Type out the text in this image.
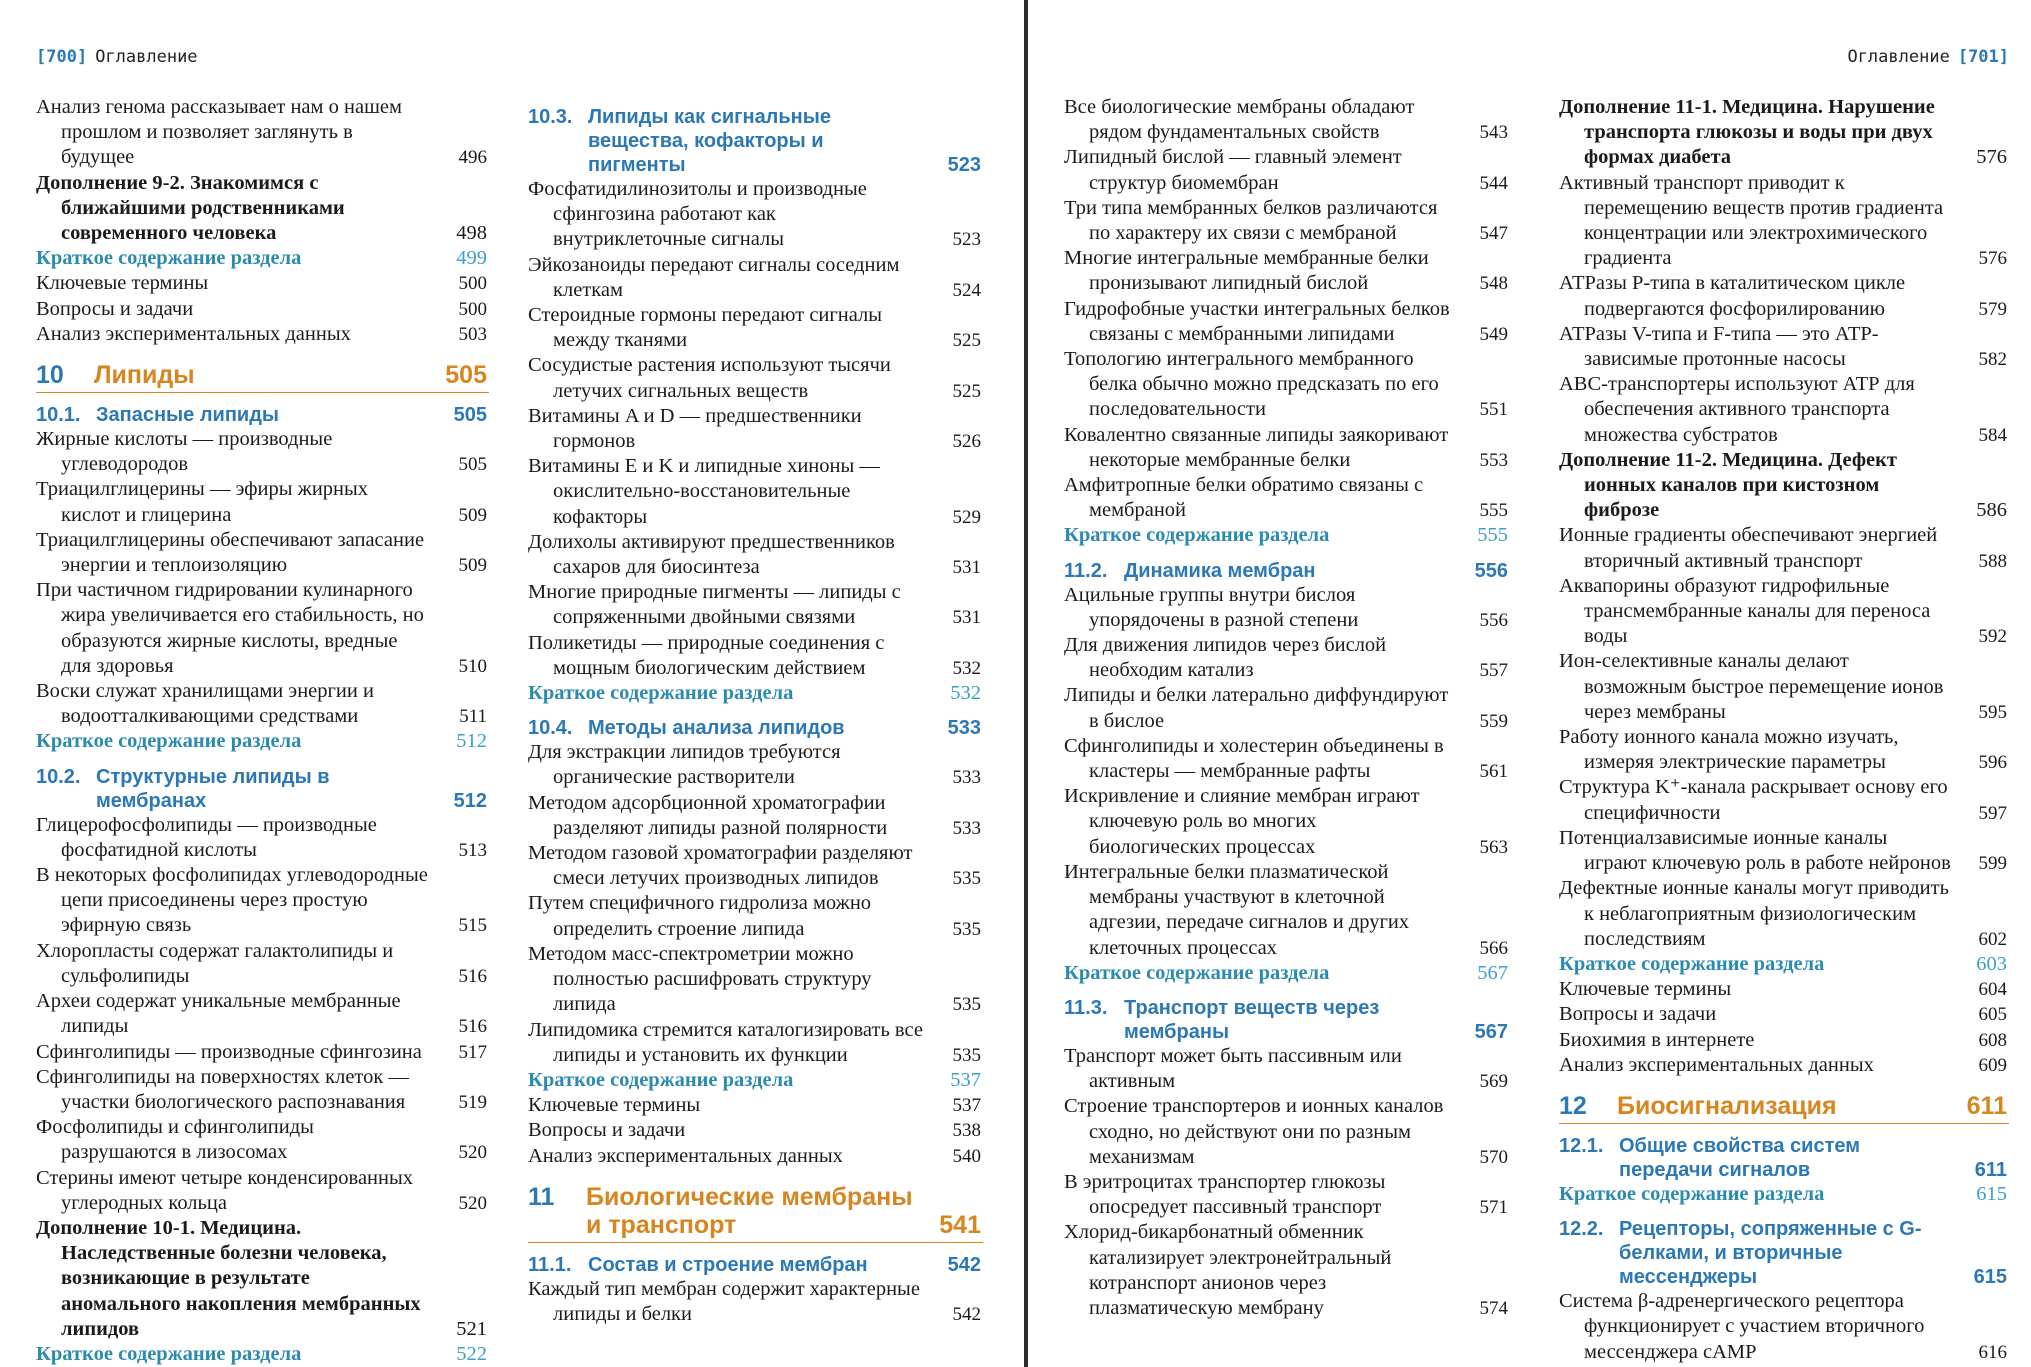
[700] Оглавление
Анализ генома рассказывает нам о нашем прошлом и позволяет заглянуть в будущее	496
Дополнение 9-2. Знакомимся с ближайшими родственниками современного человека	498
Краткое содержание раздела	499
Ключевые термины	500
Вопросы и задачи	500
Анализ экспериментальных данных	503
10 Липиды	505
10.1. Запасные липиды	505
Жирные кислоты — производные углеводородов	505
Триацилглицерины — эфиры жирных кислот и глицерина	509
Триацилглицерины обеспечивают запасание энергии и теплоизоляцию	509
При частичном гидрировании кулинарного жира увеличивается его стабильность, но образуются жирные кислоты, вредные для здоровья	510
Воски служат хранилищами энергии и водоотталкивающими средствами	511
Краткое содержание раздела	512
10.2. Структурные липиды в мембранах	512
Глицерофосфолипиды — производные фосфатидной кислоты	513
В некоторых фосфолипидах углеводородные цепи присоединены через простую эфирную связь	515
Хлоропласты содержат галактолипиды и сульфолипиды	516
Археи содержат уникальные мембранные липиды	516
Сфинголипиды — производные сфингозина	517
Сфинголипиды на поверхностях клеток — участки биологического распознавания	519
Фосфолипиды и сфинголипиды разрушаются в лизосомах	520
Стерины имеют четыре конденсированных углеродных кольца	520
Дополнение 10-1. Медицина. Наследственные болезни человека, возникающие в результате аномального накопления мембранных липидов	521
Краткое содержание раздела	522
10.3. Липиды как сигнальные вещества, кофакторы и пигменты	523
Фосфатидилинозитолы и производные сфингозина работают как внутриклеточные сигналы	523
Эйкозаноиды передают сигналы соседним клеткам	524
Стероидные гормоны передают сигналы между тканями	525
Сосудистые растения используют тысячи летучих сигнальных веществ	525
Витамины A и D — предшественники гормонов	526
Витамины E и K и липидные хиноны — окислительно-восстановительные кофакторы	529
Долихолы активируют предшественников сахаров для биосинтеза	531
Многие природные пигменты — липиды с сопряженными двойными связями	531
Поликетиды — природные соединения с мощным биологическим действием	532
Краткое содержание раздела	532
10.4. Методы анализа липидов	533
Для экстракции липидов требуются органические растворители	533
Методом адсорбционной хроматографии разделяют липиды разной полярности	533
Методом газовой хроматографии разделяют смеси летучих производных липидов	535
Путем специфичного гидролиза можно определить строение липида	535
Методом масс-спектрометрии можно полностью расшифровать структуру липида	535
Липидомика стремится каталогизировать все липиды и установить их функции	535
Краткое содержание раздела	537
Ключевые термины	537
Вопросы и задачи	538
Анализ экспериментальных данных	540
11 Биологические мембраны и транспорт	541
11.1. Состав и строение мембран	542
Каждый тип мембран содержит характерные липиды и белки	542
Оглавление [701]
Все биологические мембраны обладают рядом фундаментальных свойств	543
Липидный бислой — главный элемент структур биомембран	544
Три типа мембранных белков различаются по характеру их связи с мембраной	547
Многие интегральные мембранные белки пронизывают липидный бислой	548
Гидрофобные участки интегральных белков связаны с мембранными липидами	549
Топологию интегрального мембранного белка обычно можно предсказать по его последовательности	551
Ковалентно связанные липиды заякоривают некоторые мембранные белки	553
Амфитропные белки обратимо связаны с мембраной	555
Краткое содержание раздела	555
11.2. Динамика мембран	556
Ацильные группы внутри бислоя упорядочены в разной степени	556
Для движения липидов через бислой необходим катализ	557
Липиды и белки латерально диффундируют в бислое	559
Сфинголипиды и холестерин объединены в кластеры — мембранные рафты	561
Искривление и слияние мембран играют ключевую роль во многих биологических процессах	563
Интегральные белки плазматической мембраны участвуют в клеточной адгезии, передаче сигналов и других клеточных процессах	566
Краткое содержание раздела	567
11.3. Транспорт веществ через мембраны	567
Транспорт может быть пассивным или активным	569
Строение транспортеров и ионных каналов сходно, но действуют они по разным механизмам	570
В эритроцитах транспортер глюкозы опосредует пассивный транспорт	571
Хлорид-бикарбонатный обменник катализирует электронейтральный котранспорт анионов через плазматическую мембрану	574
Дополнение 11-1. Медицина. Нарушение транспорта глюкозы и воды при двух формах диабета	576
Активный транспорт приводит к перемещению веществ против градиента концентрации или электрохимического градиента	576
АТРазы P-типа в каталитическом цикле подвергаются фосфорилированию	579
АТРазы V-типа и F-типа — это АТР-зависимые протонные насосы	582
ABC-транспортеры используют АТР для обеспечения активного транспорта множества субстратов	584
Дополнение 11-2. Медицина. Дефект ионных каналов при кистозном фиброзе	586
Ионные градиенты обеспечивают энергией вторичный активный транспорт	588
Аквапорины образуют гидрофильные трансмембранные каналы для переноса воды	592
Ион-селективные каналы делают возможным быстрое перемещение ионов через мембраны	595
Работу ионного канала можно изучать, измеряя электрические параметры	596
Структура K⁺-канала раскрывает основу его специфичности	597
Потенциалзависимые ионные каналы играют ключевую роль в работе нейронов	599
Дефектные ионные каналы могут приводить к неблагоприятным физиологическим последствиям	602
Краткое содержание раздела	603
Ключевые термины	604
Вопросы и задачи	605
Биохимия в интернете	608
Анализ экспериментальных данных	609
12 Биосигнализация	611
12.1. Общие свойства систем передачи сигналов	611
Краткое содержание раздела	615
12.2. Рецепторы, сопряженные с G-белками, и вторичные мессенджеры	615
Система β-адренергического рецептора функционирует с участием вторичного мессенджера cAMP	616
